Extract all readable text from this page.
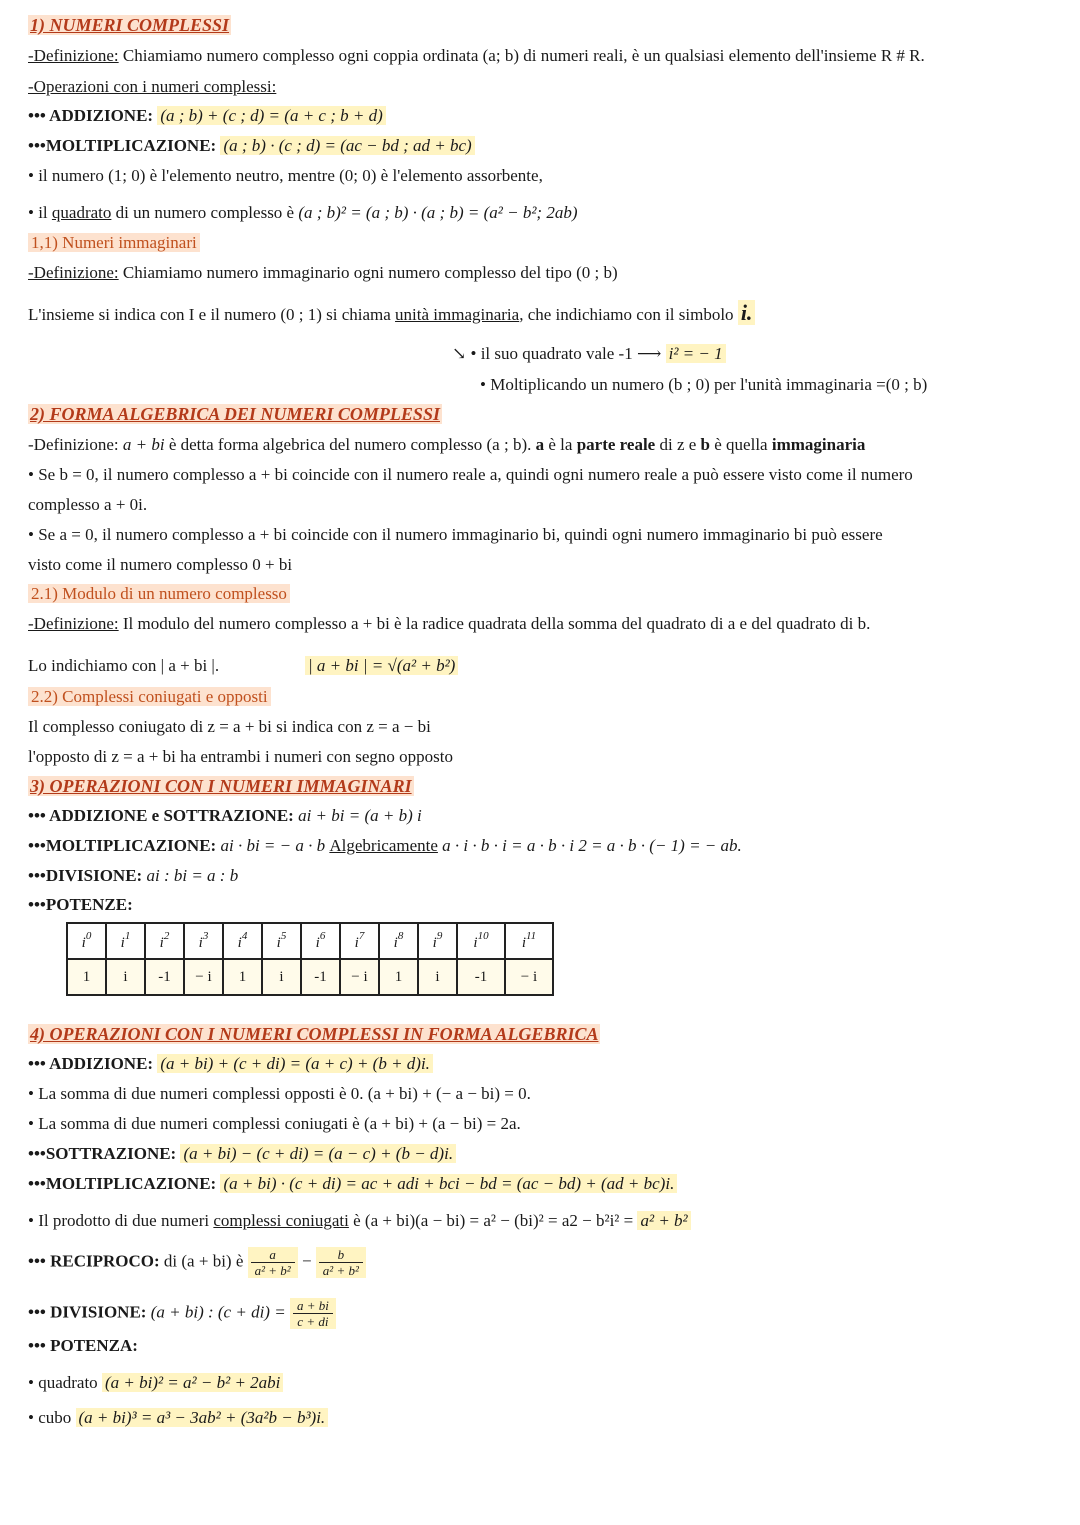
1) NUMERI COMPLESSI
-Definizione: Chiamiamo numero complesso ogni coppia ordinata (a; b) di numeri reali, è un qualsiasi elemento dell'insieme R # R.
-Operazioni con i numeri complessi:
••• ADDIZIONE: (a ; b) + (c ; d) = (a + c ; b + d)
•••MOLTIPLICAZIONE: (a ; b) · (c ; d) = (ac − bd ; ad + bc)
• il numero (1; 0) è l'elemento neutro, mentre (0; 0) è l'elemento assorbente,
• il quadrato di un numero complesso è (a ; b)² = (a ; b) · (a ; b) = (a² − b²; 2ab)
1,1) Numeri immaginari
-Definizione: Chiamiamo numero immaginario ogni numero complesso del tipo (0 ; b)
L'insieme si indica con I e il numero (0 ; 1) si chiama unità immaginaria, che indichiamo con il simbolo i.
↘ • il suo quadrato vale -1 ⟶ i² = − 1
• Moltiplicando un numero (b ; 0) per l'unità immaginaria =(0 ; b)
2) FORMA ALGEBRICA DEI NUMERI COMPLESSI
-Definizione: a + bi è detta forma algebrica del numero complesso (a ; b). a è la parte reale di z e b è quella immaginaria
• Se b = 0, il numero complesso a + bi coincide con il numero reale a, quindi ogni numero reale a può essere visto come il numero
complesso a + 0i.
• Se a = 0, il numero complesso a + bi coincide con il numero immaginario bi, quindi ogni numero immaginario bi può essere
visto come il numero complesso 0 + bi
2.1) Modulo di un numero complesso
-Definizione: Il modulo del numero complesso a + bi è la radice quadrata della somma del quadrato di a e del quadrato di b.
Lo indichiamo con | a + bi |.	| a + bi | = √(a² + b²)
2.2) Complessi coniugati e opposti
Il complesso coniugato di z = a + bi si indica con z = a − bi
l'opposto di z = a + bi ha entrambi i numeri con segno opposto
3) OPERAZIONI CON I NUMERI IMMAGINARI
••• ADDIZIONE e SOTTRAZIONE: ai + bi = (a + b) i
•••MOLTIPLICAZIONE: ai · bi = − a · b Algebricamente a · i · b · i = a · b · i 2 = a · b · (− 1) = − ab.
•••DIVISIONE: ai : bi = a : b
•••POTENZE:
$i^0$	$i^1$	$i^2$	$i^3$	$i^4$	$i^5$	$i^6$	$i^7$	$i^8$	$i^9$	$i^{10}$	$i^{11}$
1	i	-1	− i	1	i	-1	− i	1	i	-1	− i
4) OPERAZIONI CON I NUMERI COMPLESSI IN FORMA ALGEBRICA
••• ADDIZIONE: (a + bi) + (c + di) = (a + c) + (b + d)i.
• La somma di due numeri complessi opposti è 0. (a + bi) + (− a − bi) = 0.
• La somma di due numeri complessi coniugati è (a + bi) + (a − bi) = 2a.
•••SOTTRAZIONE: (a + bi) − (c + di) = (a − c) + (b − d)i.
•••MOLTIPLICAZIONE: (a + bi) · (c + di) = ac + adi + bci − bd = (ac − bd) + (ad + bc)i.
• Il prodotto di due numeri complessi coniugati è (a + bi)(a − bi) = a² − (bi)² = a2 − b²i² = a² + b²
••• RECIPROCO: di (a + bi) è $\frac{a}{\text{a² + b²}} - \frac{b}{\text{a² + b²}}$
••• DIVISIONE: (a + bi) : $(c + di) = \frac{a + bi}{c + di}$
••• POTENZA:
• quadrato (a + bi)² = a² − b² + 2abi
• cubo (a + bi)³ = a³ − 3ab² + (3a²b − b³)i.
